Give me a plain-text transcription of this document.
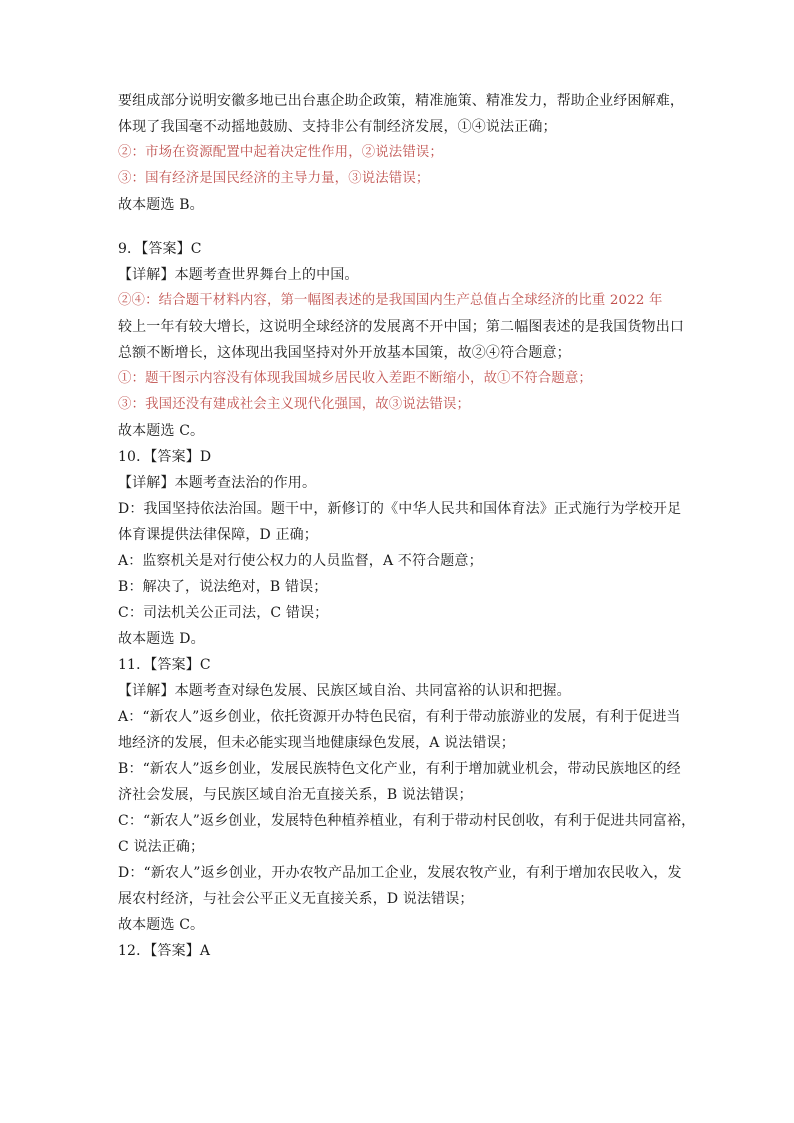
要组成部分说明安徽多地已出台惠企助企政策，精准施策、精准发力，帮助企业纾困解难，
体现了我国毫不动摇地鼓励、支持非公有制经济发展，①④说法正确；
②：市场在资源配置中起着决定性作用，②说法错误；
③：国有经济是国民经济的主导力量，③说法错误；
故本题选 B。
9．【答案】C
【详解】本题考查世界舞台上的中国。
②④：结合题干材料内容，第一幅图表述的是我国国内生产总值占全球经济的比重 2022 年
较上一年有较大增长，这说明全球经济的发展离不开中国；第二幅图表述的是我国货物出口
总额不断增长，这体现出我国坚持对外开放基本国策，故②④符合题意；
①：题干图示内容没有体现我国城乡居民收入差距不断缩小，故①不符合题意；
③：我国还没有建成社会主义现代化强国，故③说法错误；
故本题选 C。
10．【答案】D
【详解】本题考查法治的作用。
D：我国坚持依法治国。题干中，新修订的《中华人民共和国体育法》正式施行为学校开足
体育课提供法律保障，D 正确；
A：监察机关是对行使公权力的人员监督，A 不符合题意；
B：解决了，说法绝对，B 错误；
C：司法机关公正司法，C 错误；
故本题选 D。
11．【答案】C
【详解】本题考查对绿色发展、民族区域自治、共同富裕的认识和把握。
A：“新农人”返乡创业，依托资源开办特色民宿，有利于带动旅游业的发展，有利于促进当
地经济的发展，但未必能实现当地健康绿色发展，A 说法错误；
B：“新农人”返乡创业，发展民族特色文化产业，有利于增加就业机会，带动民族地区的经
济社会发展，与民族区域自治无直接关系，B 说法错误；
C：“新农人”返乡创业，发展特色种植养植业，有利于带动村民创收，有利于促进共同富裕，
C 说法正确；
D：“新农人”返乡创业，开办农牧产品加工企业，发展农牧产业，有利于增加农民收入，发
展农村经济，与社会公平正义无直接关系，D 说法错误；
故本题选 C。
12．【答案】A
